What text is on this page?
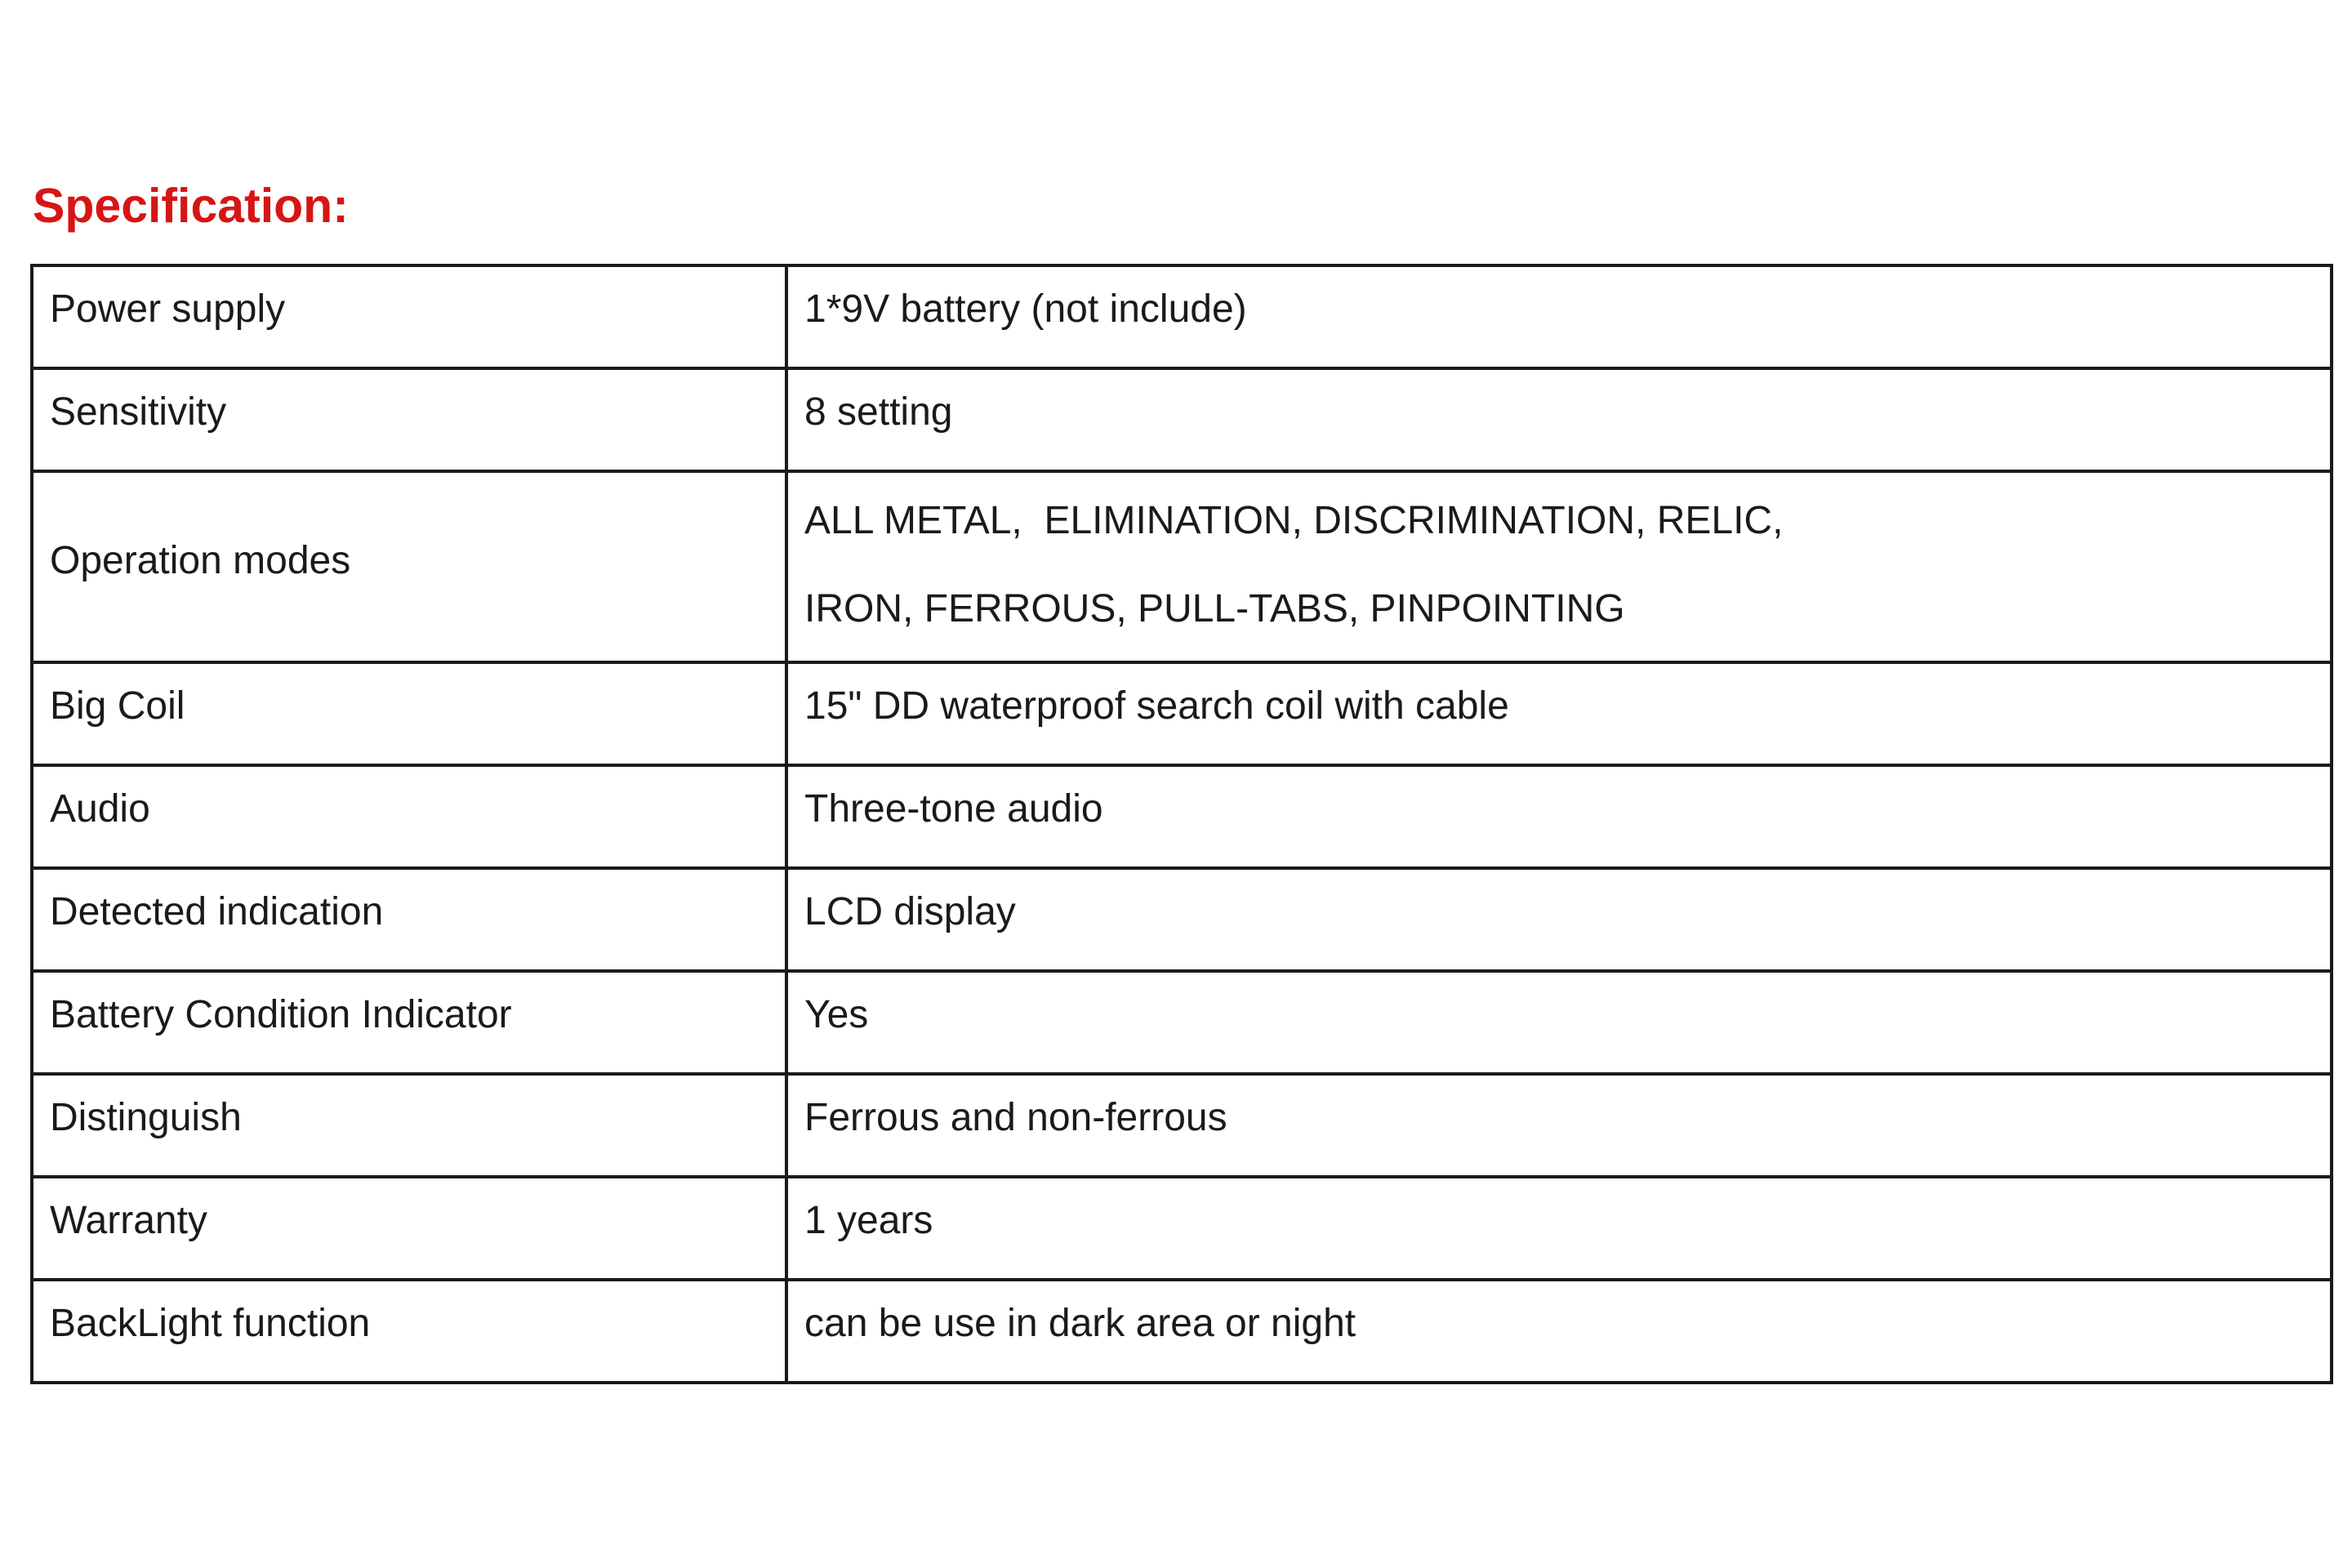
Specification:
Power supply	1*9V battery (not include)

Sensitivity	8 setting

Operation modes	ALL METAL,  ELIMINATION, DISCRIMINATION, RELIC,
IRON, FERROUS, PULL-TABS, PINPOINTING

Big Coil	15" DD waterproof search coil with cable

Audio	Three-tone audio

Detected indication	LCD display

Battery Condition Indicator	Yes

Distinguish	Ferrous and non-ferrous

Warranty	1 years

BackLight function	can be use in dark area or night
